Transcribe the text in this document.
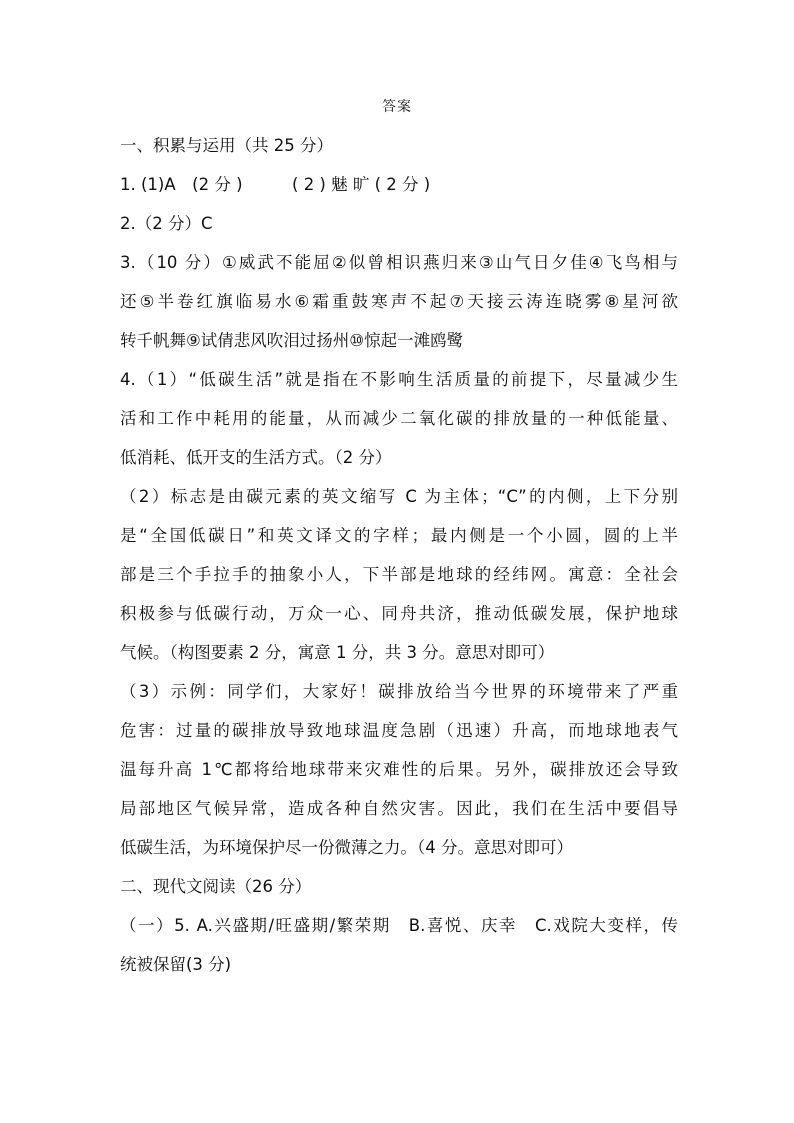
答案
一、积累与运用（共 25 分）
1. (1)A　(2 分 )　　　( 2 ) 魅 旷 ( 2 分 )
2.（2 分）C
3.（10 分）①威武不能屈②似曾相识燕归来③山气日夕佳④飞鸟相与
还⑤半卷红旗临易水⑥霜重鼓寒声不起⑦天接云涛连晓雾⑧星河欲
转千帆舞⑨试倩悲风吹泪过扬州⑩惊起一滩鸥鹭
4.（1）“低碳生活”就是指在不影响生活质量的前提下，尽量减少生
活和工作中耗用的能量，从而减少二氧化碳的排放量的一种低能量、
低消耗、低开支的生活方式。（2 分）
（2）标志是由碳元素的英文缩写 C 为主体；“C”的内侧，上下分别
是“全国低碳日”和英文译文的字样；最内侧是一个小圆，圆的上半
部是三个手拉手的抽象小人，下半部是地球的经纬网。寓意：全社会
积极参与低碳行动，万众一心、同舟共济，推动低碳发展，保护地球
气候。（构图要素 2 分，寓意 1 分，共 3 分。意思对即可）
（3）示例：同学们，大家好！碳排放给当今世界的环境带来了严重
危害：过量的碳排放导致地球温度急剧（迅速）升高，而地球地表气
温每升高 1℃都将给地球带来灾难性的后果。另外，碳排放还会导致
局部地区气候异常，造成各种自然灾害。因此，我们在生活中要倡导
低碳生活，为环境保护尽一份微薄之力。（4 分。意思对即可）
二、现代文阅读（26 分）
（一）5. A.兴盛期/旺盛期/繁荣期　B.喜悦、庆幸　C.戏院大变样，传
统被保留(3 分)
